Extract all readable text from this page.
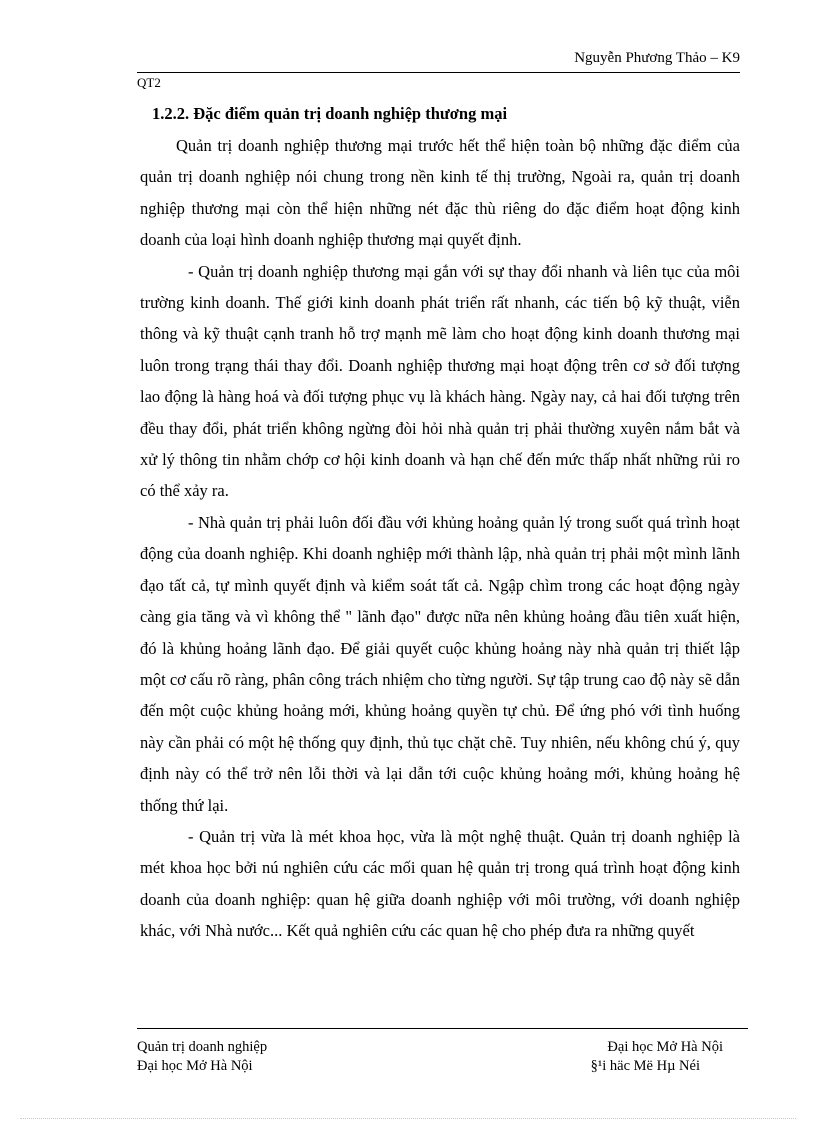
Nguyễn Phương Thảo – K9
QT2

1.2.2. Đặc điểm quản trị doanh nghiệp thương mại

Quản trị doanh nghiệp thương mại trước hết thể hiện toàn bộ những đặc điểm của quản trị doanh nghiệp nói chung trong nền kinh tế thị trường, Ngoài ra, quản trị doanh nghiệp thương mại còn thể hiện những nét đặc thù riêng do đặc điểm hoạt động kinh doanh của loại hình doanh nghiệp thương mại quyết định.

- Quản trị doanh nghiệp thương mại gắn với sự thay đổi nhanh và liên tục của môi trường kinh doanh. Thế giới kinh doanh phát triển rất nhanh, các tiến bộ kỹ thuật, viễn thông và kỹ thuật cạnh tranh hỗ trợ mạnh mẽ làm cho hoạt động kinh doanh thương mại luôn trong trạng thái thay đổi. Doanh nghiệp thương mại hoạt động trên cơ sở đối tượng lao động là hàng hoá và đối tượng phục vụ là khách hàng. Ngày nay, cả hai đối tượng trên đều thay đổi, phát triển không ngừng đòi hỏi nhà quản trị phải thường xuyên nắm bắt và xử lý thông tin nhằm chớp cơ hội kinh doanh và hạn chế đến mức thấp nhất những rủi ro có thể xảy ra.

- Nhà quản trị phải luôn đối đầu với khủng hoảng quản lý trong suốt quá trình hoạt động của doanh nghiệp. Khi doanh nghiệp mới thành lập, nhà quản trị phải một mình lãnh đạo tất cả, tự mình quyết định và kiểm soát tất cả. Ngập chìm trong các hoạt động ngày càng gia tăng và vì không thể " lãnh đạo" được nữa nên khủng hoảng đầu tiên xuất hiện, đó là khủng hoảng lãnh đạo. Để giải quyết cuộc khủng hoảng này nhà quản trị thiết lập một cơ cấu rõ ràng, phân công trách nhiệm cho từng người. Sự tập trung cao độ này sẽ dẫn đến một cuộc khủng hoảng mới, khủng hoảng quyền tự chủ. Để ứng phó với tình huống này cần phải có một hệ thống quy định, thủ tục chặt chẽ. Tuy nhiên, nếu không chú ý, quy định này có thể trở nên lỗi thời và lại dẫn tới cuộc khủng hoảng mới, khủng hoảng hệ thống thứ lại.

- Quản trị vừa là mét khoa học, vừa là một nghệ thuật. Quản trị doanh nghiệp là mét khoa học bởi nú nghiên cứu các mối quan hệ quản trị trong quá trình hoạt động kinh doanh của doanh nghiệp: quan hệ giữa doanh nghiệp với môi trường, với doanh nghiệp khác, với Nhà nước... Kết quả nghiên cứu các quan hệ cho phép đưa ra những quyết

Quản trị doanh nghiệp
Đại học Mở Hà Nội
Đại học Mở Hà Nội
§¹i häc Më Hµ Néi
